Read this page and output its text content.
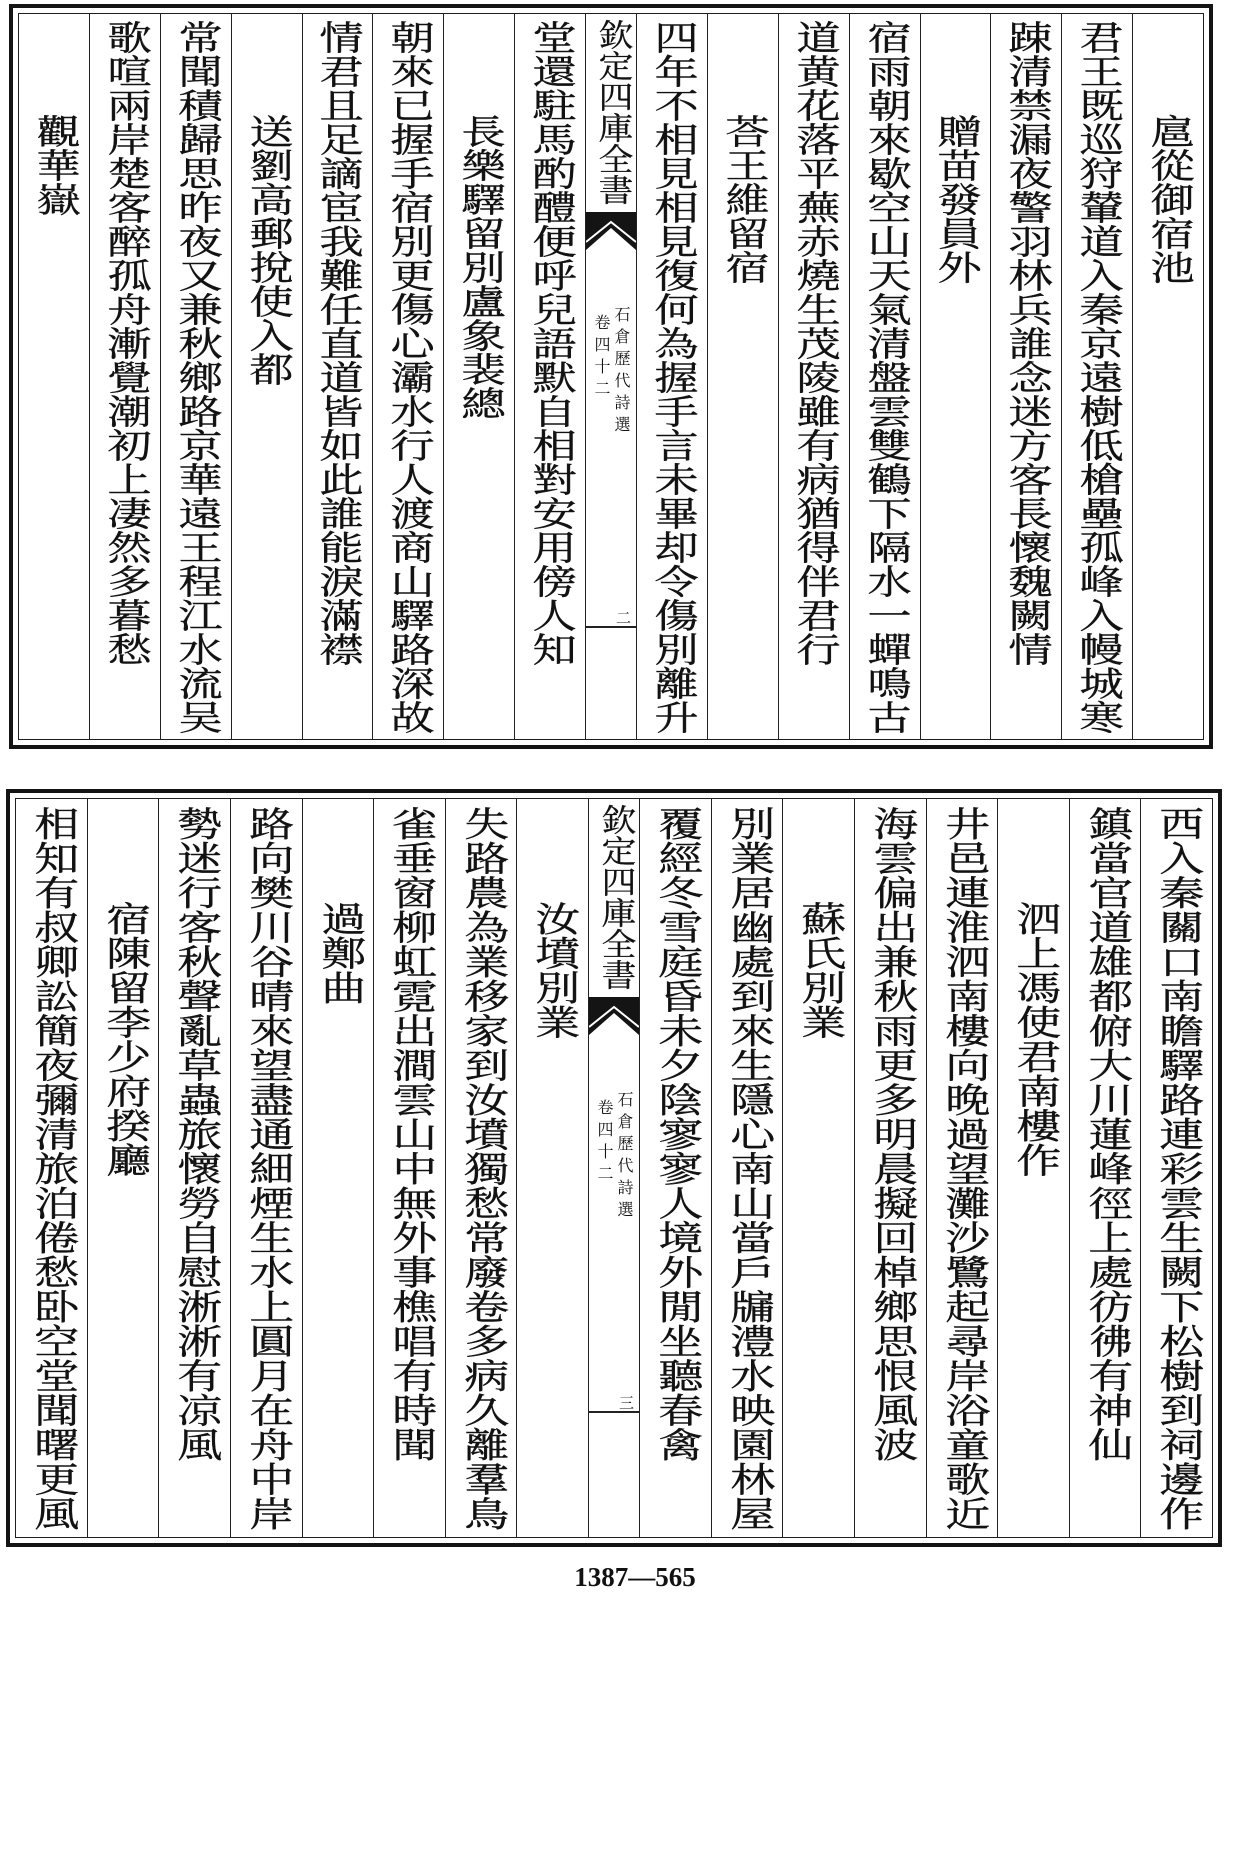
扈從御宿池
君王既巡狩輦道入秦京遠樹低槍壘孤峰入幔城寒
踈清禁漏夜警羽林兵誰念迷方客長懷魏闕情
贈苗發員外
宿雨朝來歇空山天氣清盤雲雙鶴下隔水一蟬鳴古
道黄花落平蕪赤燒生茂陵雖有病猶得伴君行
荅王維留宿
四年不相見相見復何為握手言未畢却令傷別離升
欽定四庫全書
石倉歷代詩選
卷四十二
二
堂還駐馬酌醴便呼兒語默自相對安用傍人知
長樂驛留別盧象裴總
朝來已握手宿別更傷心灞水行人渡商山驛路深故
情君且足謫宦我難任直道皆如此誰能淚滿襟
送劉高郵挩使入都
常聞積歸思昨夜又兼秋鄉路京華遠王程江水流吴
歌喧兩岸楚客醉孤舟漸覺潮初上凄然多暮愁
觀華嶽
西入秦關口南瞻驛路連彩雲生闕下松樹到祠邊作
鎮當官道雄都俯大川蓮峰徑上處彷彿有神仙
泗上馮使君南樓作
井邑連淮泗南樓向晚過望灘沙鷺起尋岸浴童歌近
海雲偏出兼秋雨更多明晨擬回棹鄉思恨風波
蘇氏別業
別業居幽處到來生隱心南山當戶牖澧水映園林屋
覆經冬雪庭昏未夕陰寥寥人境外閒坐聽春禽
欽定四庫全書
石倉歷代詩選
卷四十二
三
汝墳別業
失路農為業移家到汝墳獨愁常廢卷多病久離羣鳥
雀垂窗柳虹霓出澗雲山中無外事樵唱有時聞
過鄭曲
路向樊川谷晴來望盡通細煙生水上圓月在舟中岸
勢迷行客秋聲亂草蟲旅懷勞自慰淅淅有凉風
宿陳留李少府揆廳
相知有叔卿訟簡夜彌清旅泊倦愁卧空堂聞曙更風
1387—565
